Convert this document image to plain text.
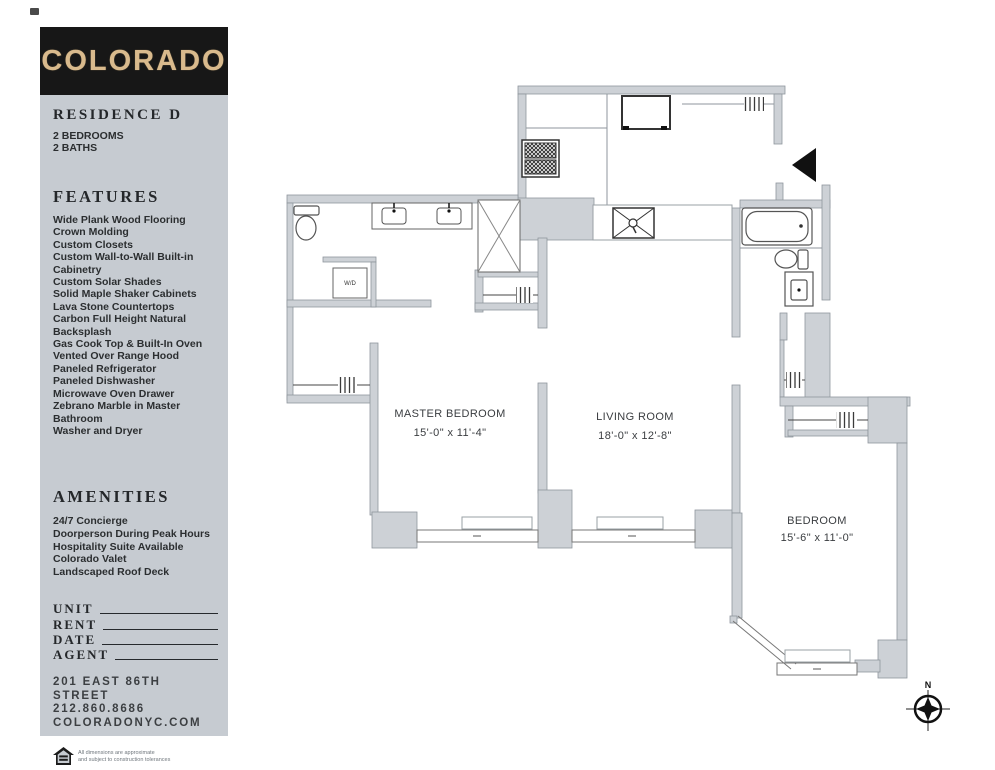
COLORADO
RESIDENCE D
2 BEDROOMS
2 BATHS
FEATURES
Wide Plank Wood Flooring
Crown Molding
Custom Closets
Custom Wall-to-Wall Built-in Cabinetry
Custom Solar Shades
Solid Maple Shaker Cabinets
Lava Stone Countertops
Carbon Full Height Natural Backsplash
Gas Cook Top & Built-In Oven
Vented Over Range Hood
Paneled Refrigerator
Paneled Dishwasher
Microwave Oven Drawer
Zebrano Marble in Master Bathroom
Washer and Dryer
AMENITIES
24/7 Concierge
Doorperson During Peak Hours
Hospitality Suite Available
Colorado Valet
Landscaped Roof Deck
UNIT
RENT
DATE
AGENT
201 EAST 86TH STREET
212.860.8686
COLORADONYC.COM
All dimensions are approximate
and subject to construction tolerances
W/D
MASTER BEDROOM
15'-0" x 11'-4"
LIVING ROOM
18'-0" x 12'-8"
BEDROOM
15'-6" x 11'-0"
N
